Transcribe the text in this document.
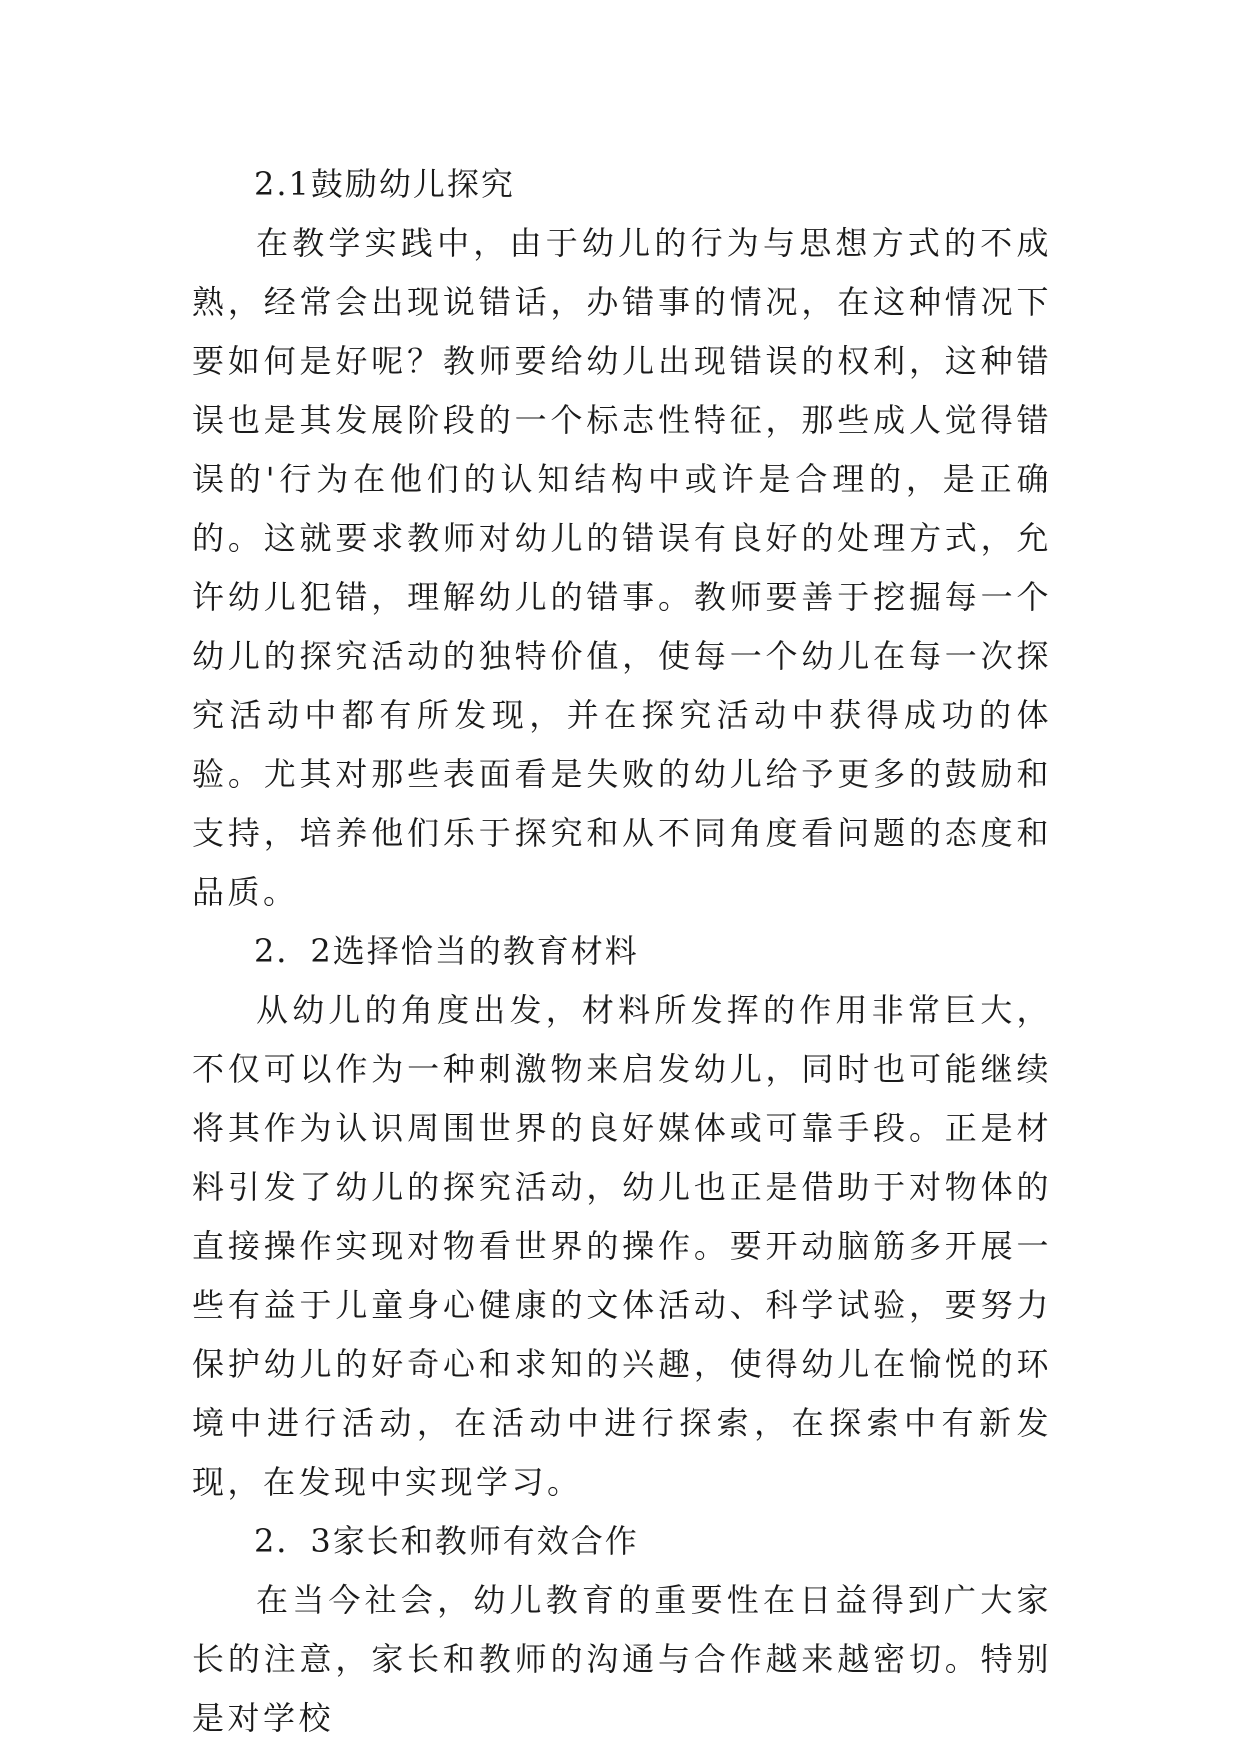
2.1鼓励幼儿探究

在教学实践中，由于幼儿的行为与思想方式的不成熟，经常会出现说错话，办错事的情况，在这种情况下要如何是好呢？教师要给幼儿出现错误的权利，这种错误也是其发展阶段的一个标志性特征，那些成人觉得错误的'行为在他们的认知结构中或许是合理的，是正确的。这就要求教师对幼儿的错误有良好的处理方式，允许幼儿犯错，理解幼儿的错事。教师要善于挖掘每一个幼儿的探究活动的独特价值，使每一个幼儿在每一次探究活动中都有所发现，并在探究活动中获得成功的体验。尤其对那些表面看是失败的幼儿给予更多的鼓励和支持，培养他们乐于探究和从不同角度看问题的态度和品质。

2．2选择恰当的教育材料

从幼儿的角度出发，材料所发挥的作用非常巨大，不仅可以作为一种刺激物来启发幼儿，同时也可能继续将其作为认识周围世界的良好媒体或可靠手段。正是材料引发了幼儿的探究活动，幼儿也正是借助于对物体的直接操作实现对物看世界的操作。要开动脑筋多开展一些有益于儿童身心健康的文体活动、科学试验，要努力保护幼儿的好奇心和求知的兴趣，使得幼儿在愉悦的环境中进行活动，在活动中进行探索，在探索中有新发现，在发现中实现学习。

2．3家长和教师有效合作

在当今社会，幼儿教育的重要性在日益得到广大家长的注意，家长和教师的沟通与合作越来越密切。特别是对学校
